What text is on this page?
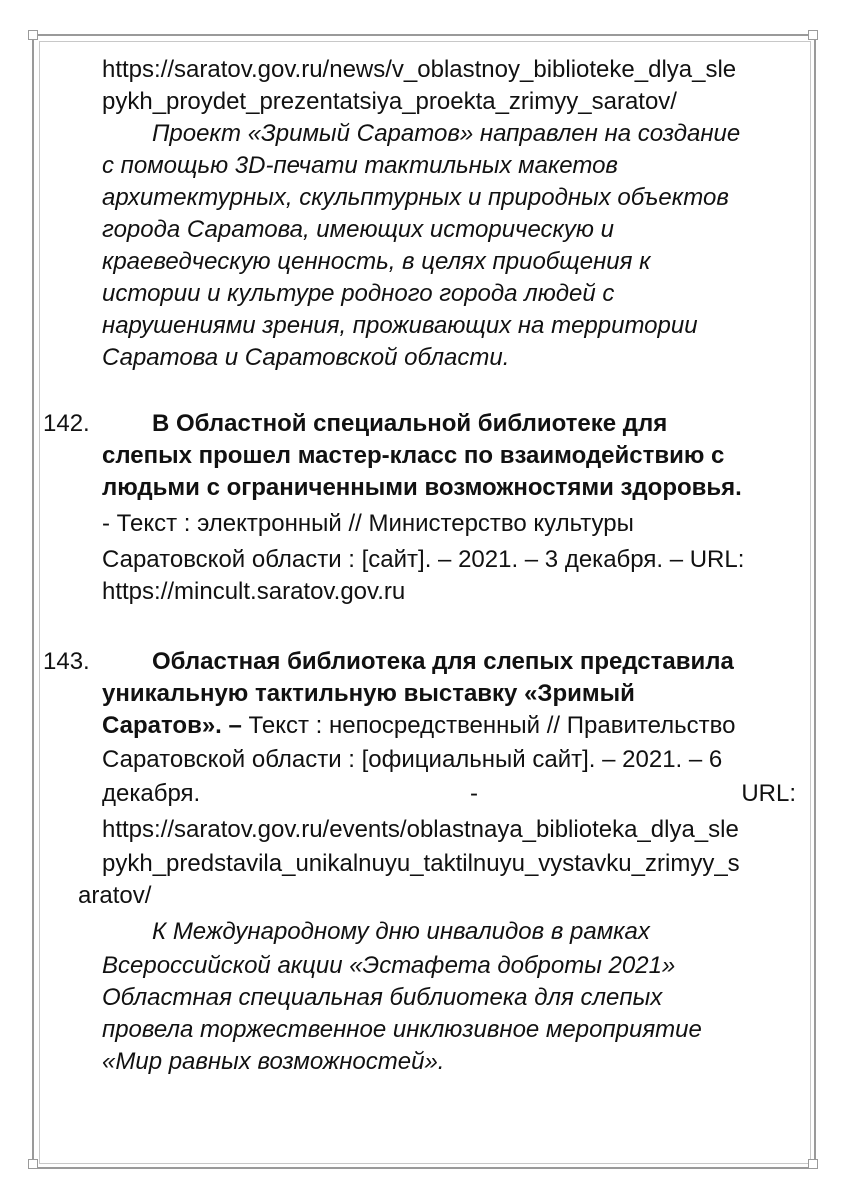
https://saratov.gov.ru/news/v_oblastnoy_biblioteke_dlya_sle
pykh_proydet_prezentatsiya_proekta_zrimyy_saratov/
Проект «Зримый Саратов» направлен на создание
с помощью 3D-печати тактильных макетов
архитектурных, скульптурных и природных объектов
города Саратова, имеющих историческую и
краеведческую ценность, в целях приобщения к
истории и культуре родного города людей с
нарушениями зрения, проживающих на территории
Саратова и Саратовской области.
142.	В Областной специальной библиотеке для
слепых прошел мастер-класс по взаимодействию с
людьми с ограниченными возможностями здоровья.
- Текст : электронный // Министерство культуры
Саратовской области : [сайт]. – 2021. – 3 декабря. – URL:
https://mincult.saratov.gov.ru
143.	Областная библиотека для слепых представила
уникальную тактильную выставку «Зримый
Саратов». – Текст : непосредственный // Правительство
Саратовской области : [официальный сайт]. – 2021. – 6
декабря.	-	URL:
https://saratov.gov.ru/events/oblastnaya_biblioteka_dlya_sle
pykh_predstavila_unikalnuyu_taktilnuyu_vystavku_zrimyy_s
aratov/
К Международному дню инвалидов в рамках
Всероссийской акции «Эстафета доброты 2021»
Областная специальная библиотека для слепых
провела торжественное инклюзивное мероприятие
«Мир равных возможностей».
